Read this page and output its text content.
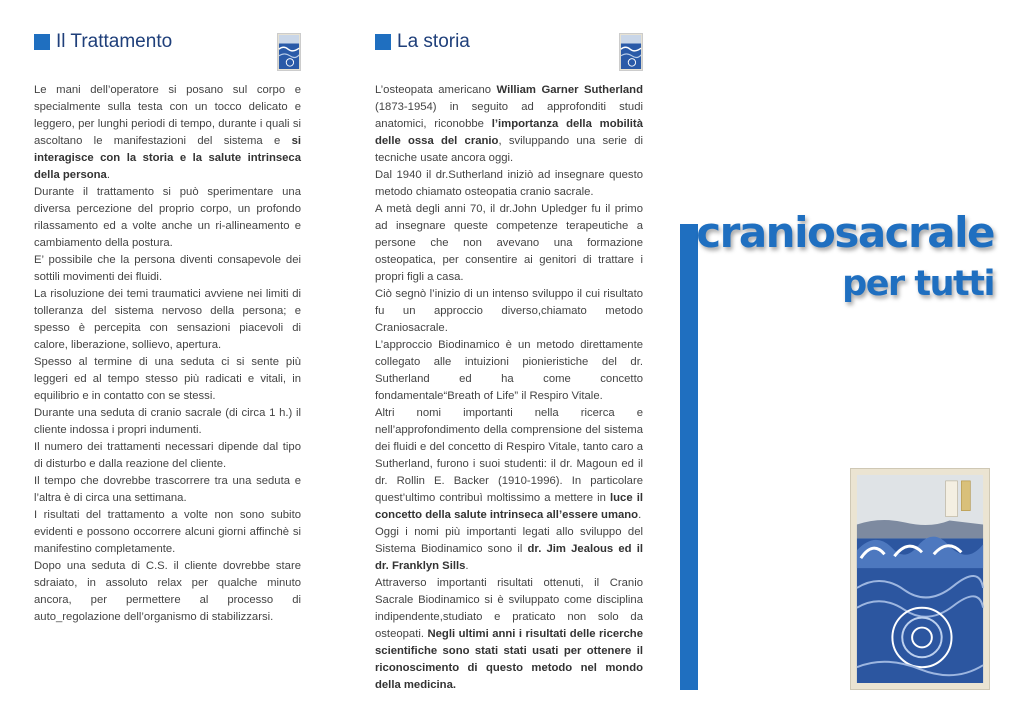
Il Trattamento

Le mani dell’operatore si posano sul corpo e specialmente sulla testa con un tocco delicato e leggero, per lunghi periodi di tempo, durante i quali si ascoltano le manifestazioni del sistema e si interagisce con la storia e la salute intrinseca della persona.

Durante il trattamento si può sperimentare una diversa percezione del proprio corpo, un profondo rilassamento ed a volte anche un ri-allineamento e cambiamento della postura.

E’ possibile che la persona diventi consapevole dei sottili movimenti dei fluidi.

La risoluzione dei temi traumatici avviene nei limiti di tolleranza del sistema nervoso della persona; e spesso è percepita con sensazioni piacevoli di calore, liberazione, sollievo, apertura.

Spesso al termine di una seduta ci si sente più leggeri ed al tempo stesso più radicati e vitali, in equilibrio e in contatto con se stessi.

Durante una seduta di cranio sacrale (di circa 1 h.) il cliente indossa i propri indumenti.

Il numero dei trattamenti necessari dipende dal tipo di disturbo e dalla reazione del cliente.

Il tempo che dovrebbe trascorrere tra una seduta e l’altra è di circa una settimana.

I risultati del trattamento a volte non sono subito evidenti e possono occorrere alcuni giorni affinchè si manifestino completamente.

Dopo una seduta di C.S. il cliente dovrebbe stare sdraiato, in assoluto relax per qualche minuto ancora, per permettere al processo di auto_regolazione dell’organismo di stabilizzarsi.

La storia

L’osteopata americano William Garner Sutherland (1873-1954) in seguito ad approfonditi studi anatomici, riconobbe l’importanza della mobilità delle ossa del cranio, sviluppando una serie di tecniche usate ancora oggi.

Dal 1940 il dr.Sutherland iniziò ad insegnare questo metodo chiamato osteopatia cranio sacrale.

A metà degli anni 70, il dr.John Upledger fu il primo ad insegnare queste competenze terapeutiche a persone che non avevano una formazione osteopatica, per consentire ai genitori di trattare i propri figli a casa.

Ciò segnò l’inizio di un intenso sviluppo il cui risultato fu un approccio diverso,chiamato metodo Craniosacrale.

L’approccio Biodinamico è un metodo direttamente collegato alle intuizioni pionieristiche del dr. Sutherland ed ha come concetto fondamentale“Breath of Life” il Respiro Vitale.

Altri nomi importanti nella ricerca e nell’approfondimento della comprensione del sistema dei fluidi e del concetto di Respiro Vitale, tanto caro a Sutherland, furono i suoi studenti: il dr. Magoun ed il dr. Rollin E. Backer (1910-1996). In particolare quest’ultimo contribuì moltissimo a mettere in luce il concetto della salute intrinseca all’essere umano.

Oggi i nomi più importanti legati allo sviluppo del Sistema Biodinamico sono il dr. Jim Jealous ed il dr. Franklyn Sills.

Attraverso importanti risultati ottenuti, il Cranio Sacrale Biodinamico si è sviluppato come disciplina indipendente,studiato e praticato non solo da osteopati. Negli ultimi anni i risultati delle ricerche scientifiche sono stati stati usati per ottenere il riconoscimento di questo metodo nel mondo della medicina.

craniosacrale
per tutti
